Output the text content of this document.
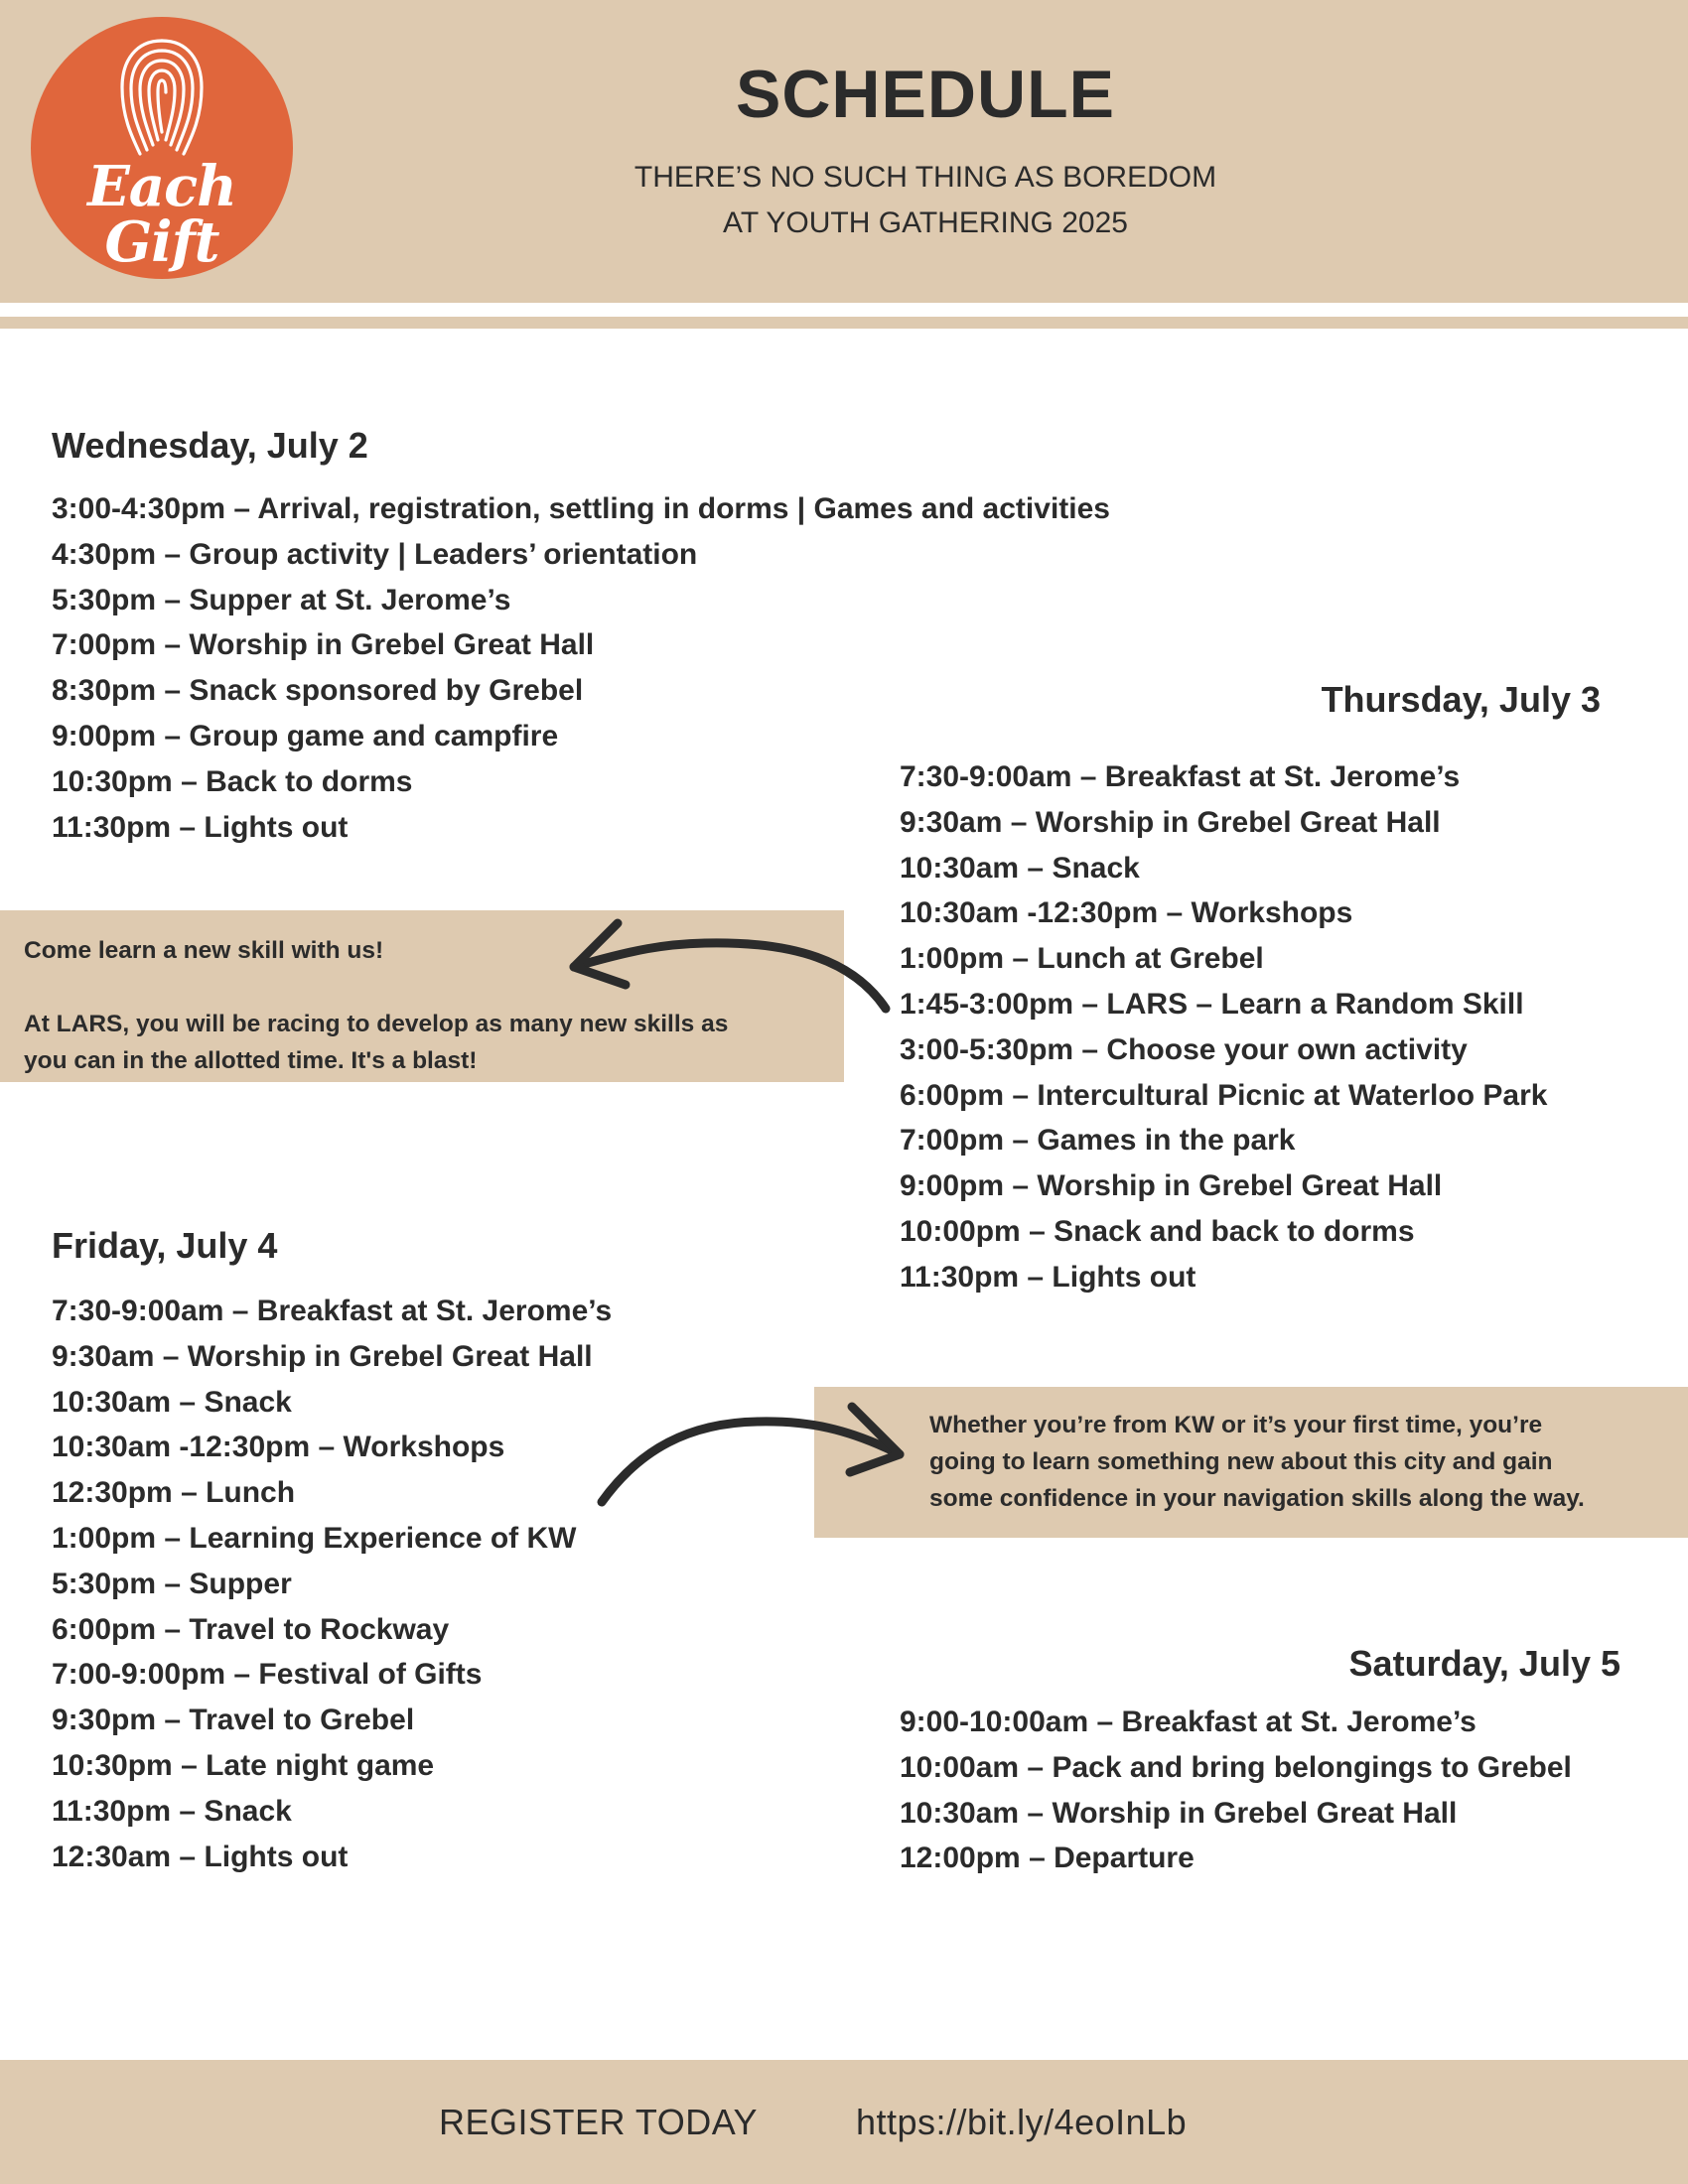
Each
Gift
SCHEDULE
THERE’S NO SUCH THING AS BOREDOM
AT YOUTH GATHERING 2025
Wednesday, July 2
3:00-4:30pm – Arrival, registration, settling in dorms | Games and activities
4:30pm – Group activity | Leaders’ orientation
5:30pm – Supper at St. Jerome’s
7:00pm – Worship in Grebel Great Hall
8:30pm – Snack sponsored by Grebel
9:00pm – Group game and campfire
10:30pm – Back to dorms
11:30pm – Lights out
Thursday, July 3
7:30-9:00am – Breakfast at St. Jerome’s
9:30am – Worship in Grebel Great Hall
10:30am – Snack
10:30am -12:30pm – Workshops
1:00pm – Lunch at Grebel
1:45-3:00pm – LARS – Learn a Random Skill
3:00-5:30pm – Choose your own activity
6:00pm – Intercultural Picnic at Waterloo Park
7:00pm – Games in the park
9:00pm – Worship in Grebel Great Hall
10:00pm – Snack and back to dorms
11:30pm – Lights out

Come learn a new skill with us!

At LARS, you will be racing to develop as many new skills as

you can in the allotted time. It's a blast!

Friday, July 4
7:30-9:00am – Breakfast at St. Jerome’s
9:30am – Worship in Grebel Great Hall
10:30am – Snack
10:30am -12:30pm – Workshops
12:30pm – Lunch
1:00pm – Learning Experience of KW
5:30pm – Supper
6:00pm – Travel to Rockway
7:00-9:00pm – Festival of Gifts
9:30pm – Travel to Grebel
10:30pm – Late night game
11:30pm – Snack
12:30am – Lights out

Whether you’re from KW or it’s your first time, you’re

going to learn something new about this city and gain

some confidence in your navigation skills along the way.

Saturday, July 5
9:00-10:00am – Breakfast at St. Jerome’s
10:00am – Pack and bring belongings to Grebel
10:30am – Worship in Grebel Great Hall
12:00pm – Departure
REGISTER TODAY	https://bit.ly/4eoInLb
